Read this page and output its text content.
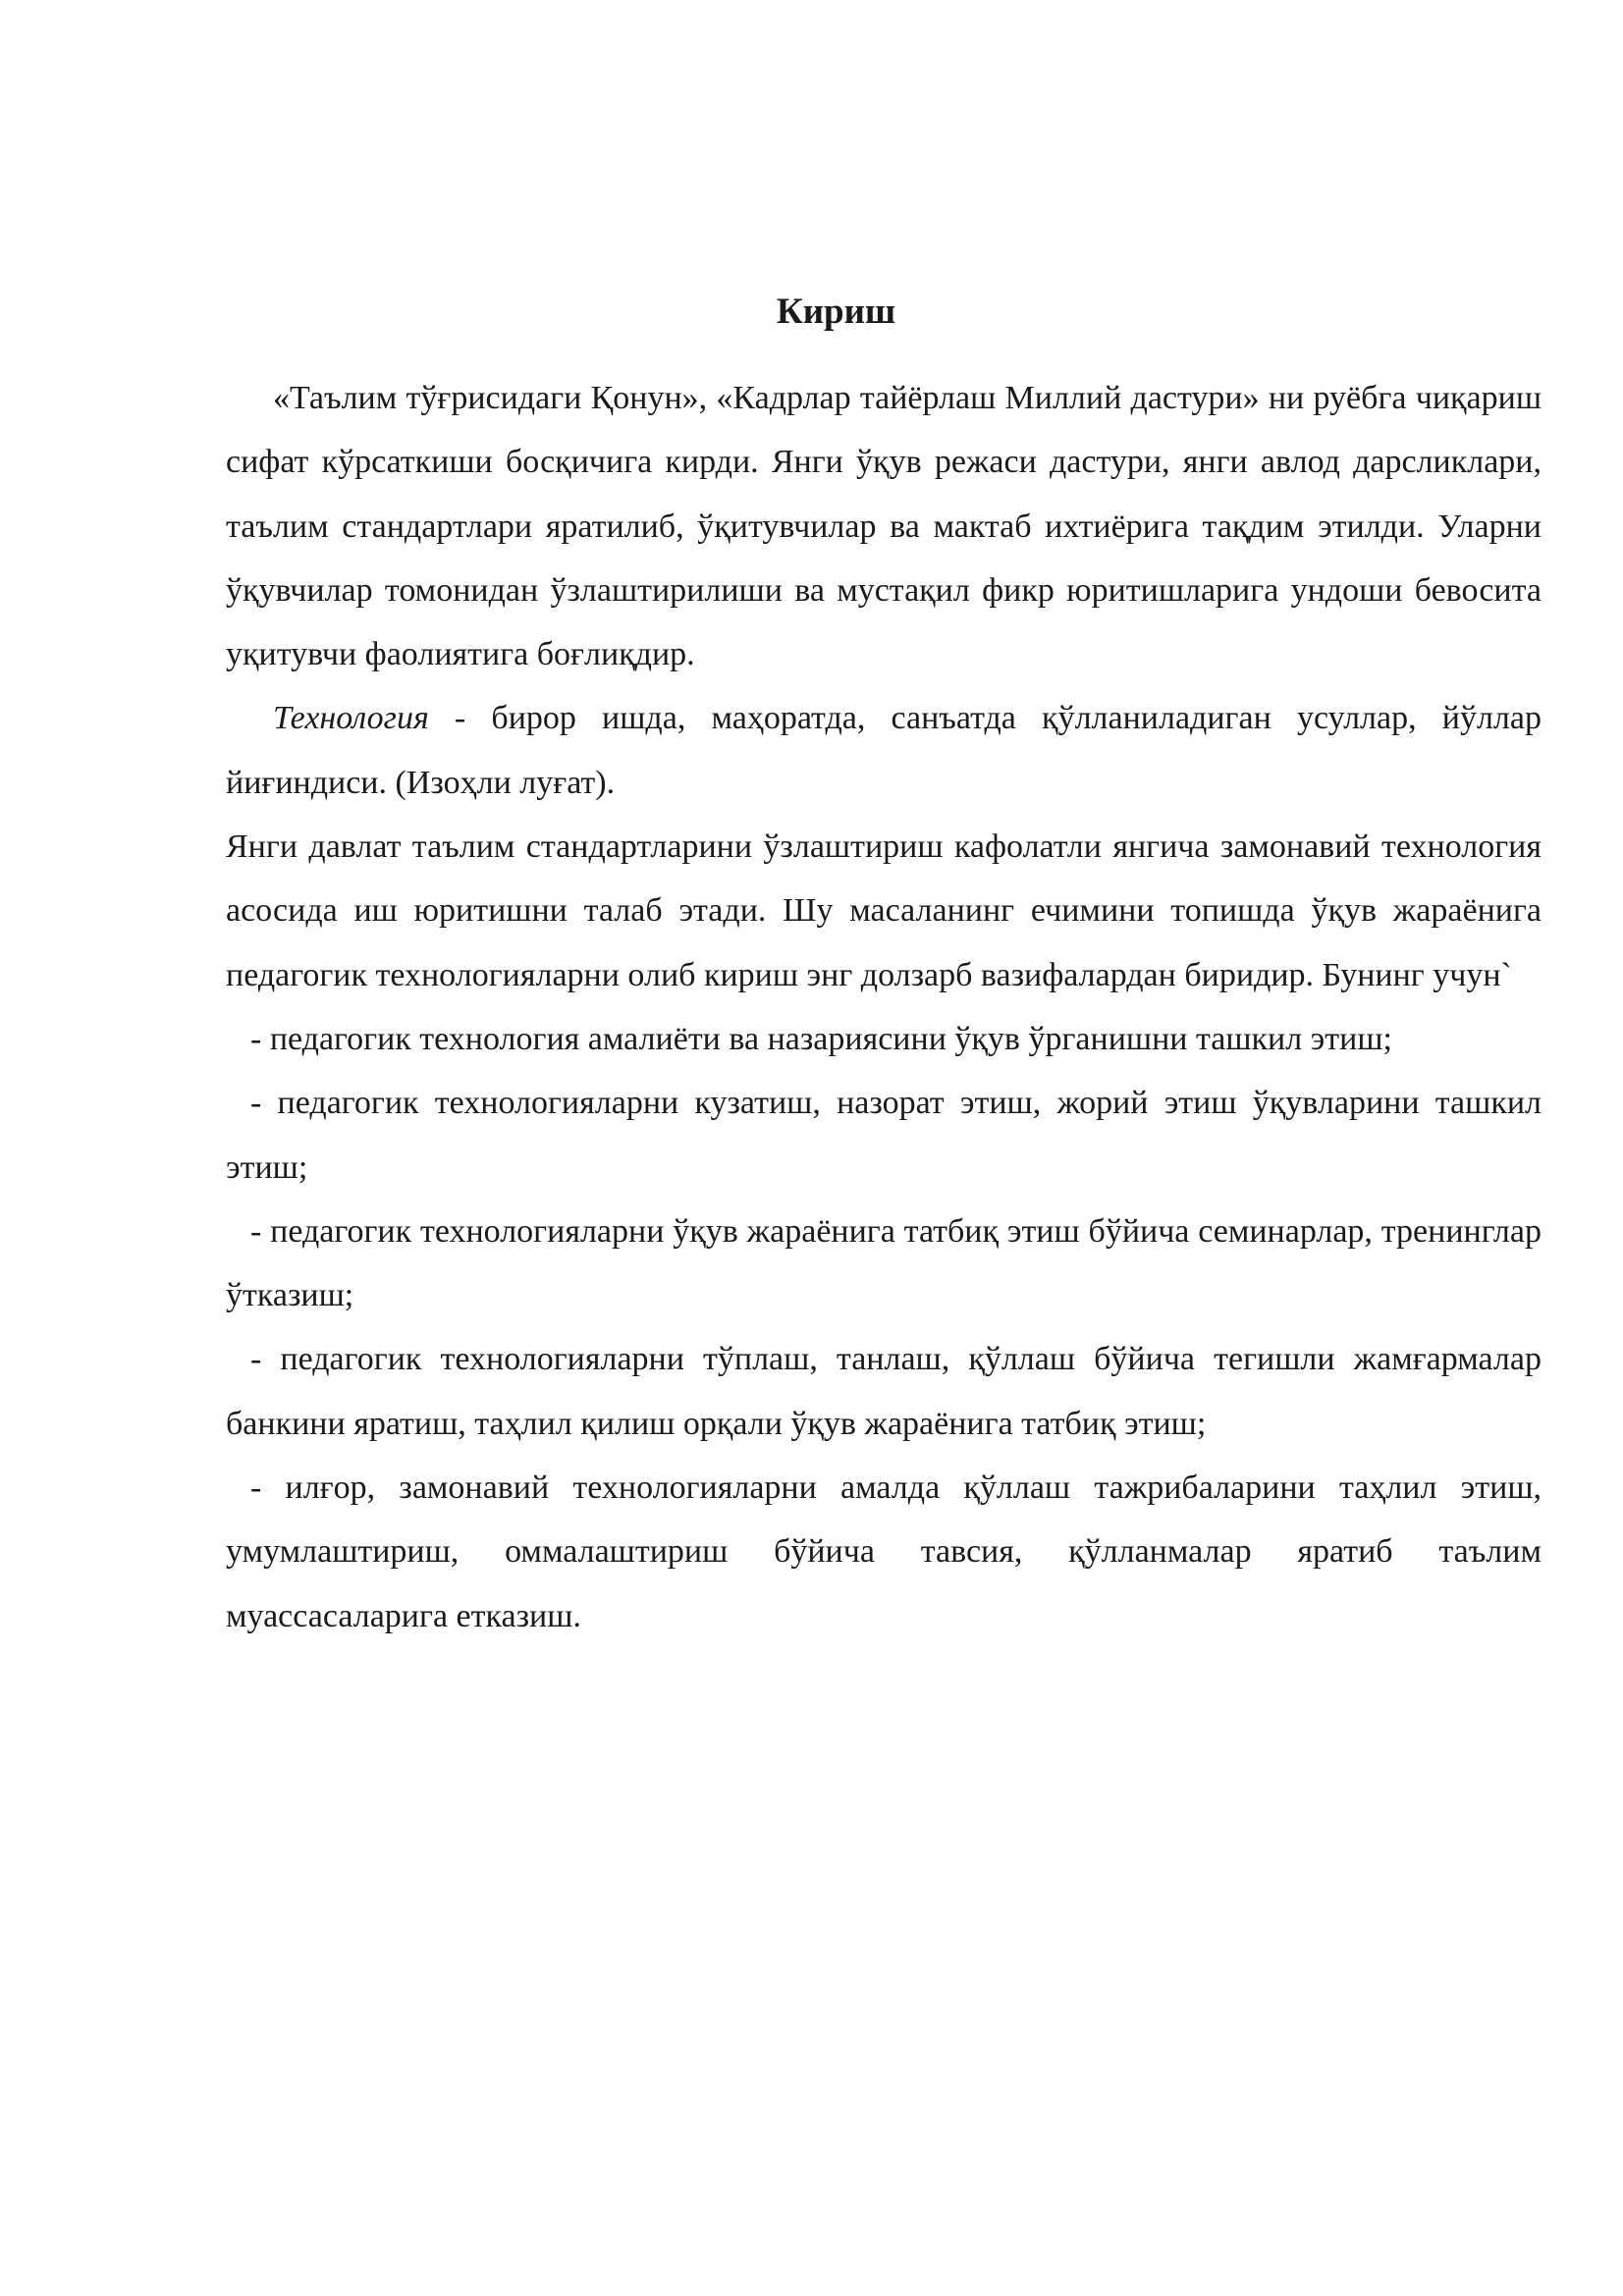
Кириш

«Таълим тўғрисидаги Қонун», «Кадрлар тайёрлаш Миллий дастури» ни руёбга чиқариш сифат кўрсаткиши босқичига кирди. Янги ўқув режаси дастури, янги авлод дарсликлари, таълим стандартлари яратилиб, ўқитувчилар ва мактаб ихтиёрига тақдим этилди. Уларни ўқувчилар томонидан ўзлаштирилиши ва мустақил фикр юритишларига ундоши бевосита уқитувчи фаолиятига боғлиқдир.

Технология - бирор ишда, маҳоратда, санъатда қўлланиладиган усуллар, йўллар йиғиндиси. (Изоҳли луғат).

Янги давлат таълим стандартларини ўзлаштириш кафолатли янгича замонавий технология асосида иш юритишни талаб этади. Шу масаланинг ечимини топишда ўқув жараёнига педагогик технологияларни олиб кириш энг долзарб вазифалардан биридир. Бунинг учун`

- педагогик технология амалиёти ва назариясини ўқув ўрганишни ташкил этиш;

- педагогик технологияларни кузатиш, назорат этиш, жорий этиш ўқувларини ташкил этиш;

- педагогик технологияларни ўқув жараёнига татбиқ этиш бўйича семинарлар, тренинглар ўтказиш;

- педагогик технологияларни тўплаш, танлаш, қўллаш бўйича тегишли жамғармалар банкини яратиш, таҳлил қилиш орқали ўқув жараёнига татбиқ этиш;

- илғор, замонавий технологияларни амалда қўллаш тажрибаларини таҳлил этиш, умумлаштириш, оммалаштириш бўйича тавсия, қўлланмалар яратиб таълим муассасаларига етказиш.
